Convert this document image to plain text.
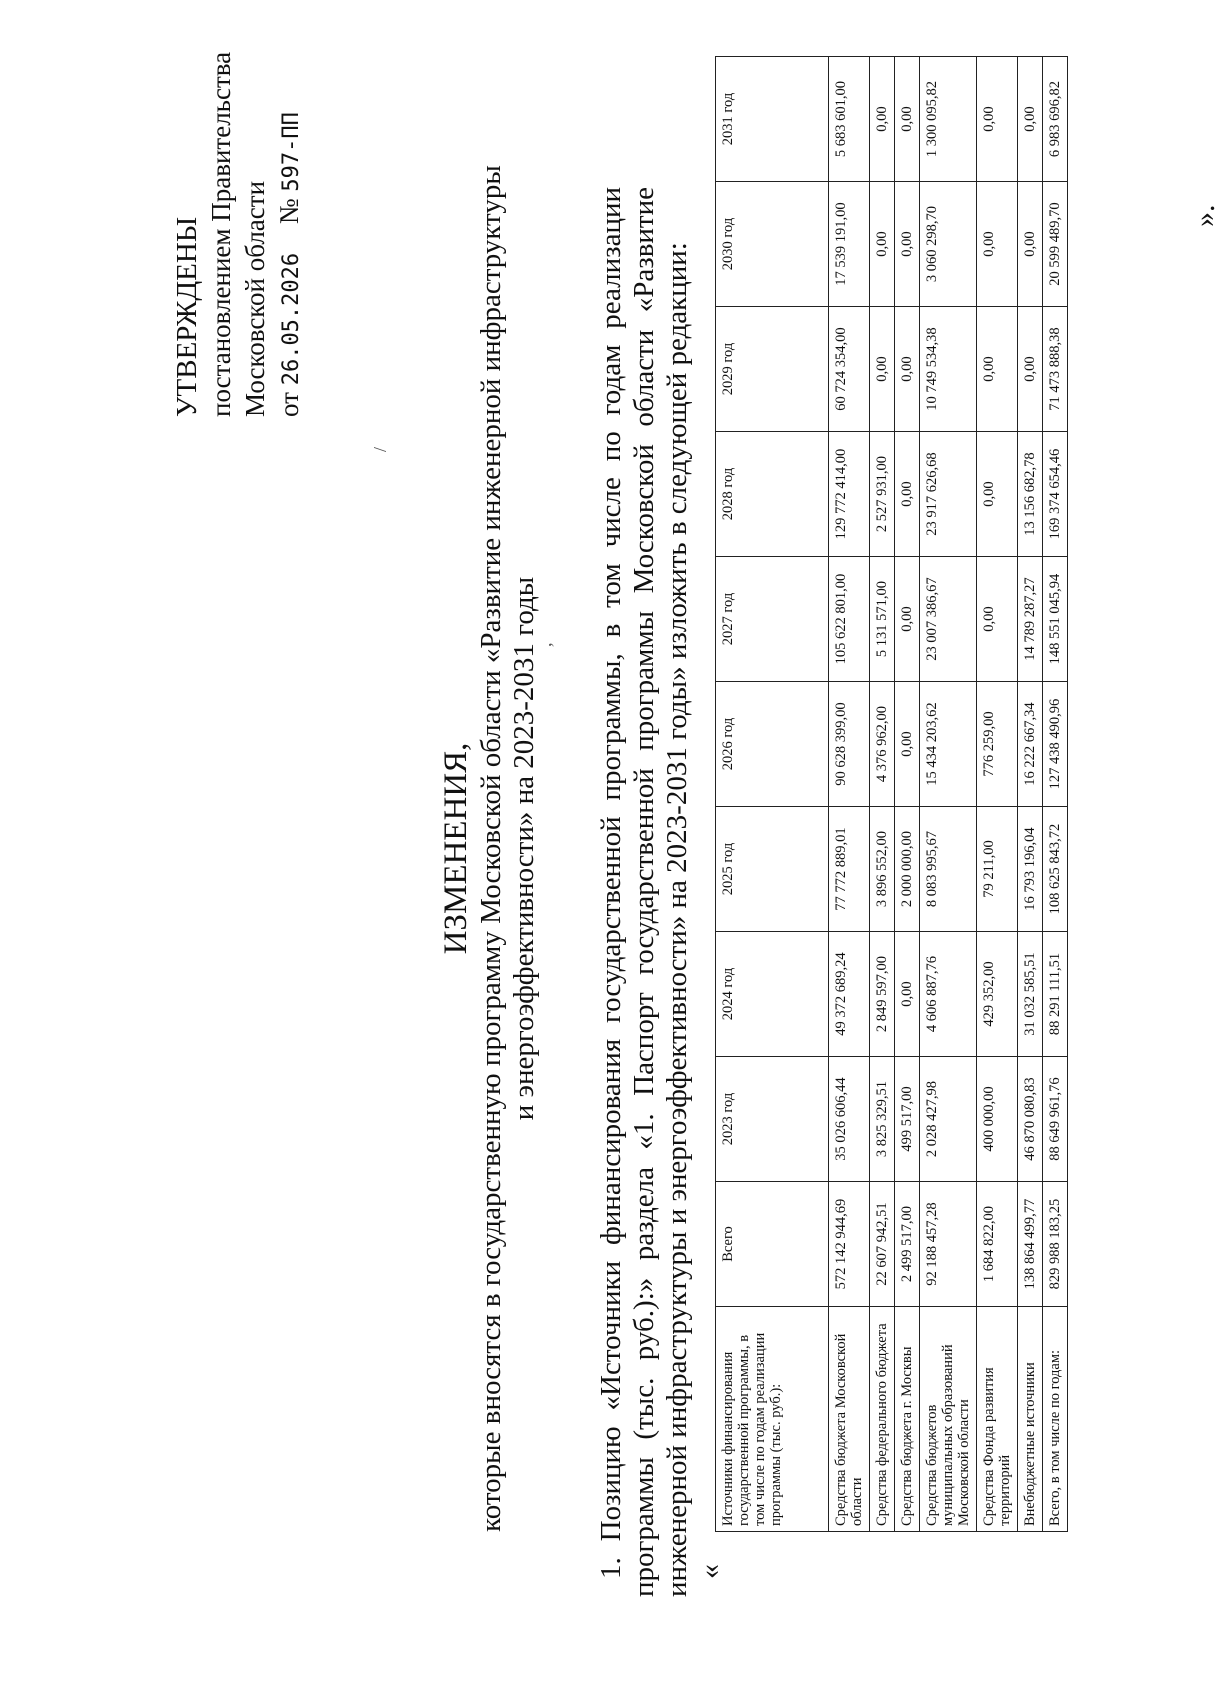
УТВЕРЖДЕНЫ постановлением Правительства Московской области от 26.05.2026 № 597-ПП
/
,
ИЗМЕНЕНИЯ, которые вносятся в государственную программу Московской области «Развитие инженерной инфраструктуры и энергоэффективности» на 2023-2031 годы 1. Позицию «Источники финансирования государственной программы, в том числе по годам реализации программы (тыс. руб.):» раздела «1. Паспорт государственной программы Московской области «Развитие инженерной инфраструктуры и энергоэффективности» на 2023-2031 годы» изложить в следующей редакции: «
Источники финансирования государственной программы, в том числе по годам реализации программы (тыс. руб.):	Всего	2023 год	2024 год	2025 год	2026 год	2027 год	2028 год	2029 год	2030 год	2031 год
Средства бюджета Московской области	572 142 944,69	35 026 606,44	49 372 689,24	77 772 889,01	90 628 399,00	105 622 801,00	129 772 414,00	60 724 354,00	17 539 191,00	5 683 601,00
Средства федерального бюджета	22 607 942,51	3 825 329,51	2 849 597,00	3 896 552,00	4 376 962,00	5 131 571,00	2 527 931,00	0,00	0,00	0,00
Средства бюджета г. Москвы	2 499 517,00	499 517,00	0,00	2 000 000,00	0,00	0,00	0,00	0,00	0,00	0,00
Средства бюджетов муниципальных образований Московской области	92 188 457,28	2 028 427,98	4 606 887,76	8 083 995,67	15 434 203,62	23 007 386,67	23 917 626,68	10 749 534,38	3 060 298,70	1 300 095,82
Средства Фонда развития территорий	1 684 822,00	400 000,00	429 352,00	79 211,00	776 259,00	0,00	0,00	0,00	0,00	0,00
Внебюджетные источники	138 864 499,77	46 870 080,83	31 032 585,51	16 793 196,04	16 222 667,34	14 789 287,27	13 156 682,78	0,00	0,00	0,00
Всего, в том числе по годам:	829 988 183,25	88 649 961,76	88 291 111,51	108 625 843,72	127 438 490,96	148 551 045,94	169 374 654,46	71 473 888,38	20 599 489,70	6 983 696,82
».
